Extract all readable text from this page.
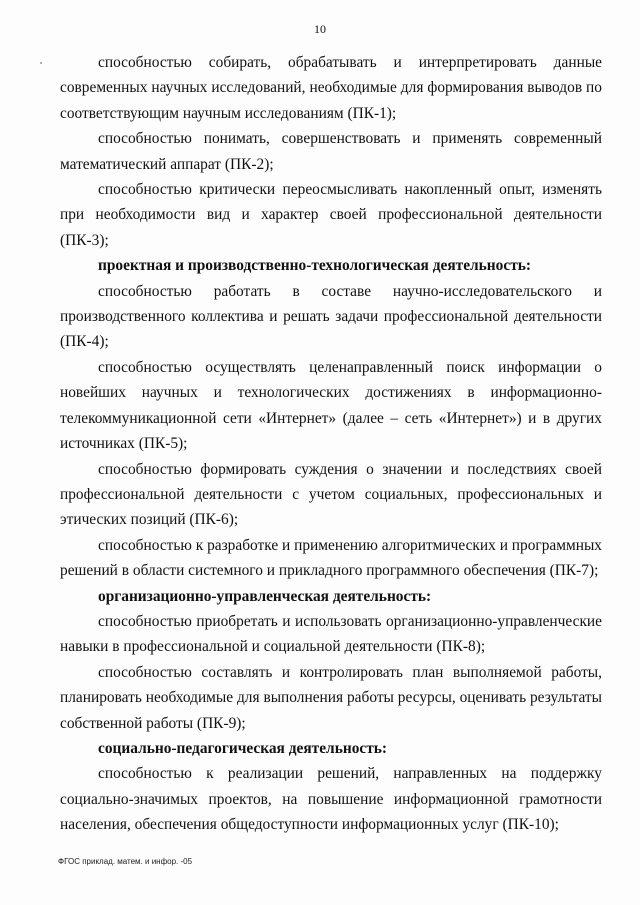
10

способностью собирать, обрабатывать и интерпретировать данные современных научных исследований, необходимые для формирования выводов по соответствующим научным исследованиям (ПК-1);

способностью понимать, совершенствовать и применять современный математический аппарат (ПК-2);

способностью критически переосмысливать накопленный опыт, изменять при необходимости вид и характер своей профессиональной деятельности (ПК-3);

проектная и производственно-технологическая деятельность:

способностью работать в составе научно-исследовательского и производственного коллектива и решать задачи профессиональной деятельности (ПК-4);

способностью осуществлять целенаправленный поиск информации о новейших научных и технологических достижениях в информационно-телекоммуникационной сети «Интернет» (далее – сеть «Интернет») и в других источниках (ПК-5);

способностью формировать суждения о значении и последствиях своей профессиональной деятельности с учетом социальных, профессиональных и этических позиций (ПК-6);

способностью к разработке и применению алгоритмических и программных решений в области системного и прикладного программного обеспечения (ПК-7);

организационно-управленческая деятельность:

способностью приобретать и использовать организационно-управленческие навыки в профессиональной и социальной деятельности (ПК-8);

способностью составлять и контролировать план выполняемой работы, планировать необходимые для выполнения работы ресурсы, оценивать результаты собственной работы (ПК-9);

социально-педагогическая деятельность:

способностью к реализации решений, направленных на поддержку социально-значимых проектов, на повышение информационной грамотности населения, обеспечения общедоступности информационных услуг (ПК-10);

ФГОС приклад. матем. и инфор. -05
